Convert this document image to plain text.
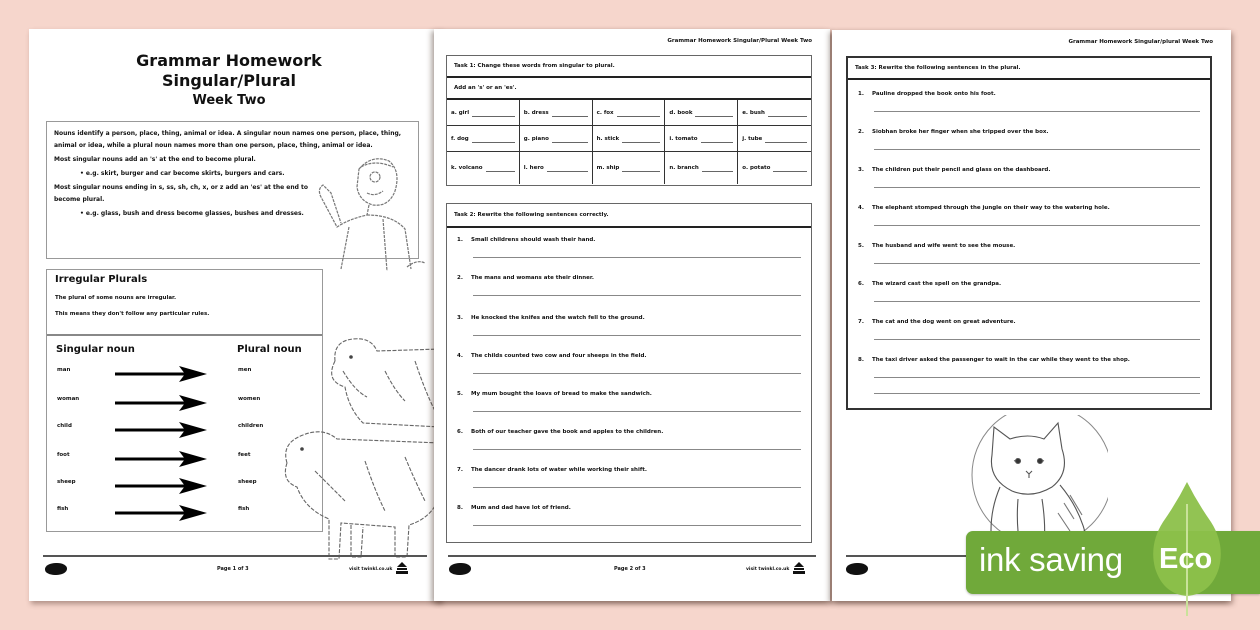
Grammar Homework
Singular/Plural
Week Two

Nouns identify a person, place, thing, animal or idea. A singular noun names one person, place, thing, animal or idea, while a plural noun names more than one person, place, thing, animal or idea.

Most singular nouns add an 's' at the end to become plural.

• e.g. skirt, burger and car become skirts, burgers and cars.

Most singular nouns ending in s, ss, sh, ch, x, or z add an 'es' at the end to become plural.

• e.g. glass, bush and dress become glasses, bushes and dresses.

Irregular Plurals
The plural of some nouns are irregular.
This means they don't follow any particular rules.
Singular noun	Plural noun
man	men
woman	women
child	children
foot	feet
sheep	sheep
fish	fish
Page 1 of 3	visit twinkl.co.uk
Grammar Homework Singular/Plural Week Two
Task 1: Change these words from singular to plural.
Add an 's' or an 'es'.
a. girl	b. dress	c. fox	d. book	e. bush
f. dog	g. piano	h. stick	i. tomato	j. tube
k. volcano	l. hero	m. ship	n. branch	o. potato
Task 2: Rewrite the following sentences correctly.
1. Small childrens should wash their hand.
2. The mans and womans ate their dinner.
3. He knocked the knifes and the watch fell to the ground.
4. The childs counted two cow and four sheeps in the field.
5. My mum bought the loavs of bread to make the sandwich.
6. Both of our teacher gave the book and apples to the children.
7. The dancer drank lots of water while working their shift.
8. Mum and dad have lot of friend.
Page 2 of 3	visit twinkl.co.uk
Grammar Homework Singular/plural Week Two
Task 3: Rewrite the following sentences in the plural.
1. Pauline dropped the book onto his foot.
2. Siobhan broke her finger when she tripped over the box.
3. The children put their pencil and glass on the dashboard.
4. The elephant stomped through the jungle on their way to the watering hole.
5. The husband and wife went to see the mouse.
6. The wizard cast the spell on the grandpa.
7. The cat and the dog went on great adventure.
8. The taxi driver asked the passenger to wait in the car while they went to the shop.
ink saving Eco
